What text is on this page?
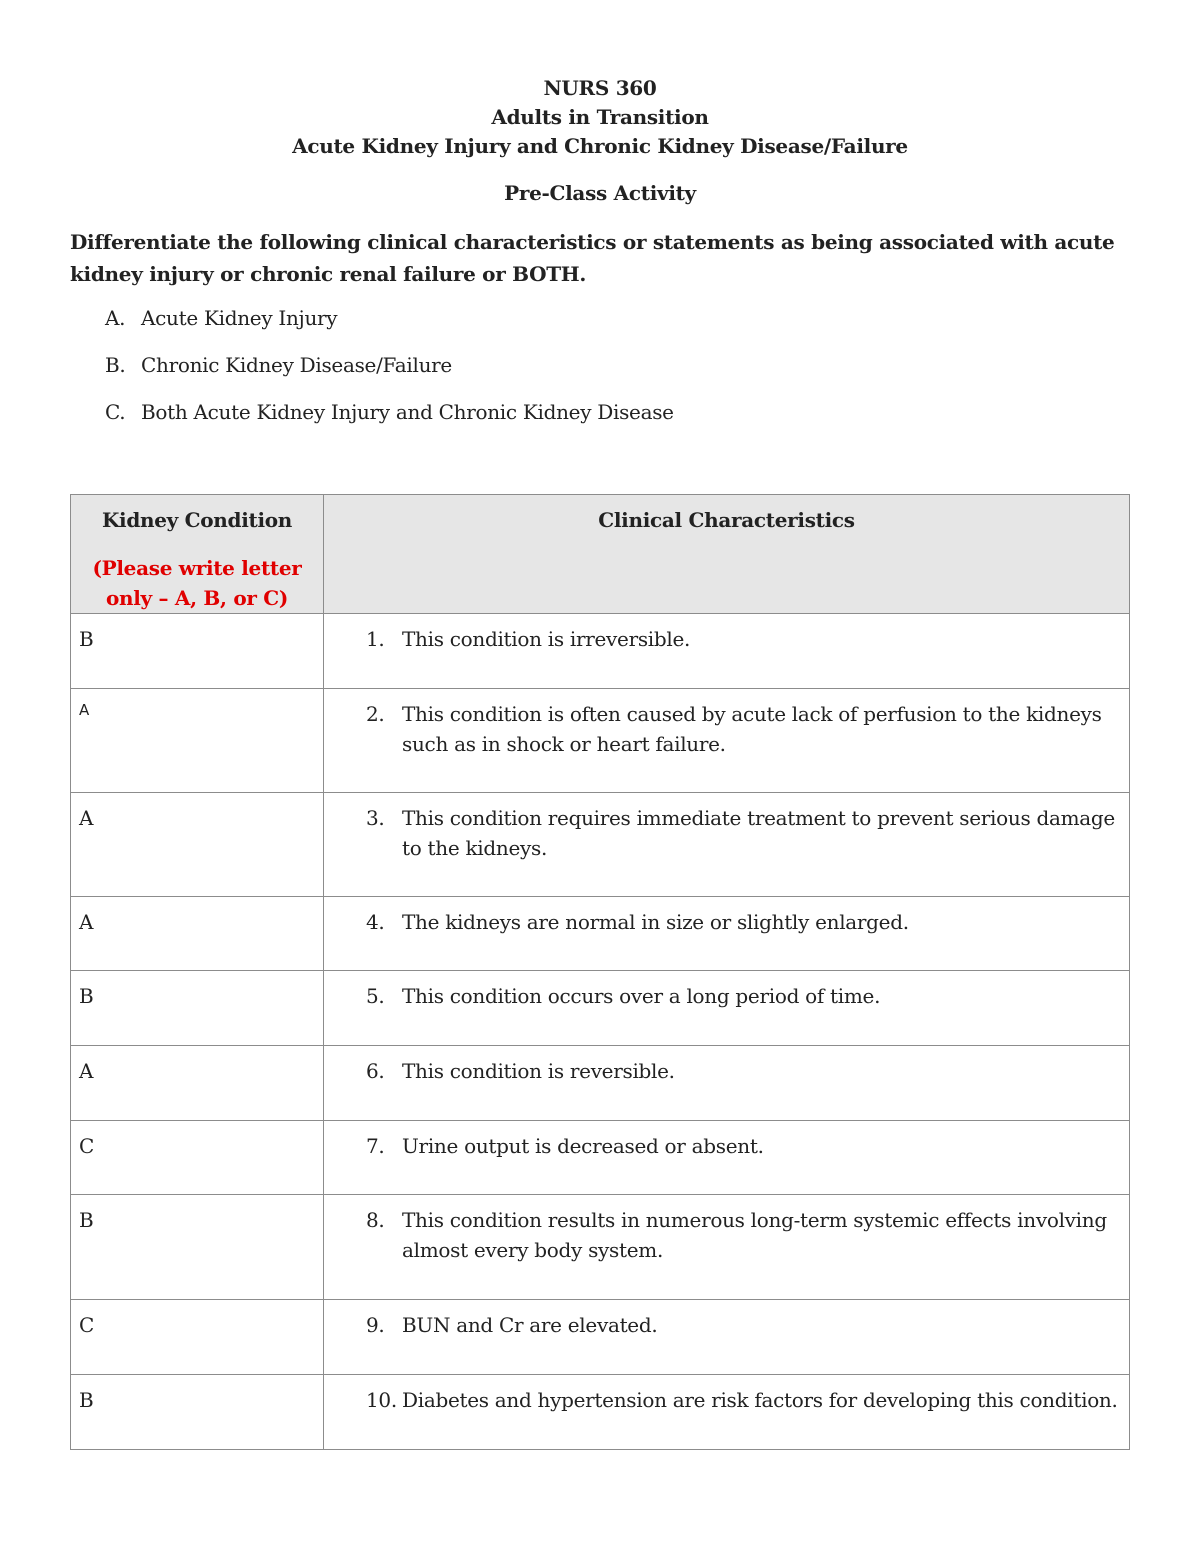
NURS 360
Adults in Transition
Acute Kidney Injury and Chronic Kidney Disease/Failure
Pre-Class Activity
Differentiate the following clinical characteristics or statements as being associated with acute kidney injury or chronic renal failure or BOTH.
A. Acute Kidney Injury
B. Chronic Kidney Disease/Failure
C. Both Acute Kidney Injury and Chronic Kidney Disease
Kidney Condition
(Please write letter only – A, B, or C)	Clinical Characteristics
B	1. This condition is irreversible.

A	2. This condition is often caused by acute lack of perfusion to the kidneys such as in shock or heart failure.

A	3. This condition requires immediate treatment to prevent serious damage to the kidneys.

A	4. The kidneys are normal in size or slightly enlarged.

B	5. This condition occurs over a long period of time.

A	6. This condition is reversible.

C	7. Urine output is decreased or absent.

B	8. This condition results in numerous long-term systemic effects involving almost every body system.

C	9. BUN and Cr are elevated.

B	10. Diabetes and hypertension are risk factors for developing this condition.
